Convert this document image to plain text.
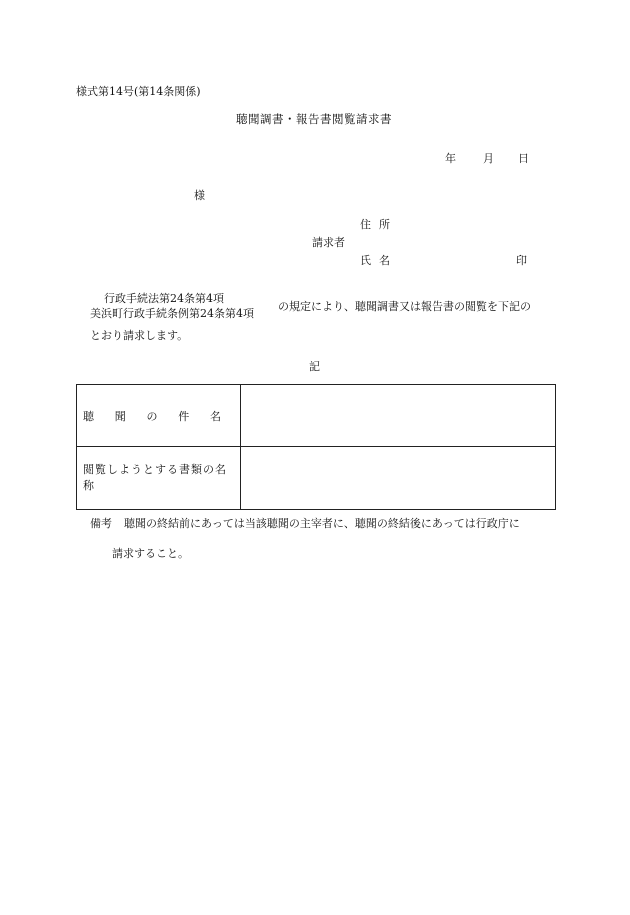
様式第14号(第14条関係)
聴聞調書・報告書閲覧請求書
年 月 日
様
住所
請求者
氏名	印
行政手続法第24条第4項
美浜町行政手続条例第24条第4項
の規定により、聴聞調書又は報告書の閲覧を下記の
とおり請求します。
記
聴 聞 の 件 名	

閲覧しようとする書類の名称	

備考 聴聞の終結前にあっては当該聴聞の主宰者に、聴聞の終結後にあっては行政庁に
請求すること。
